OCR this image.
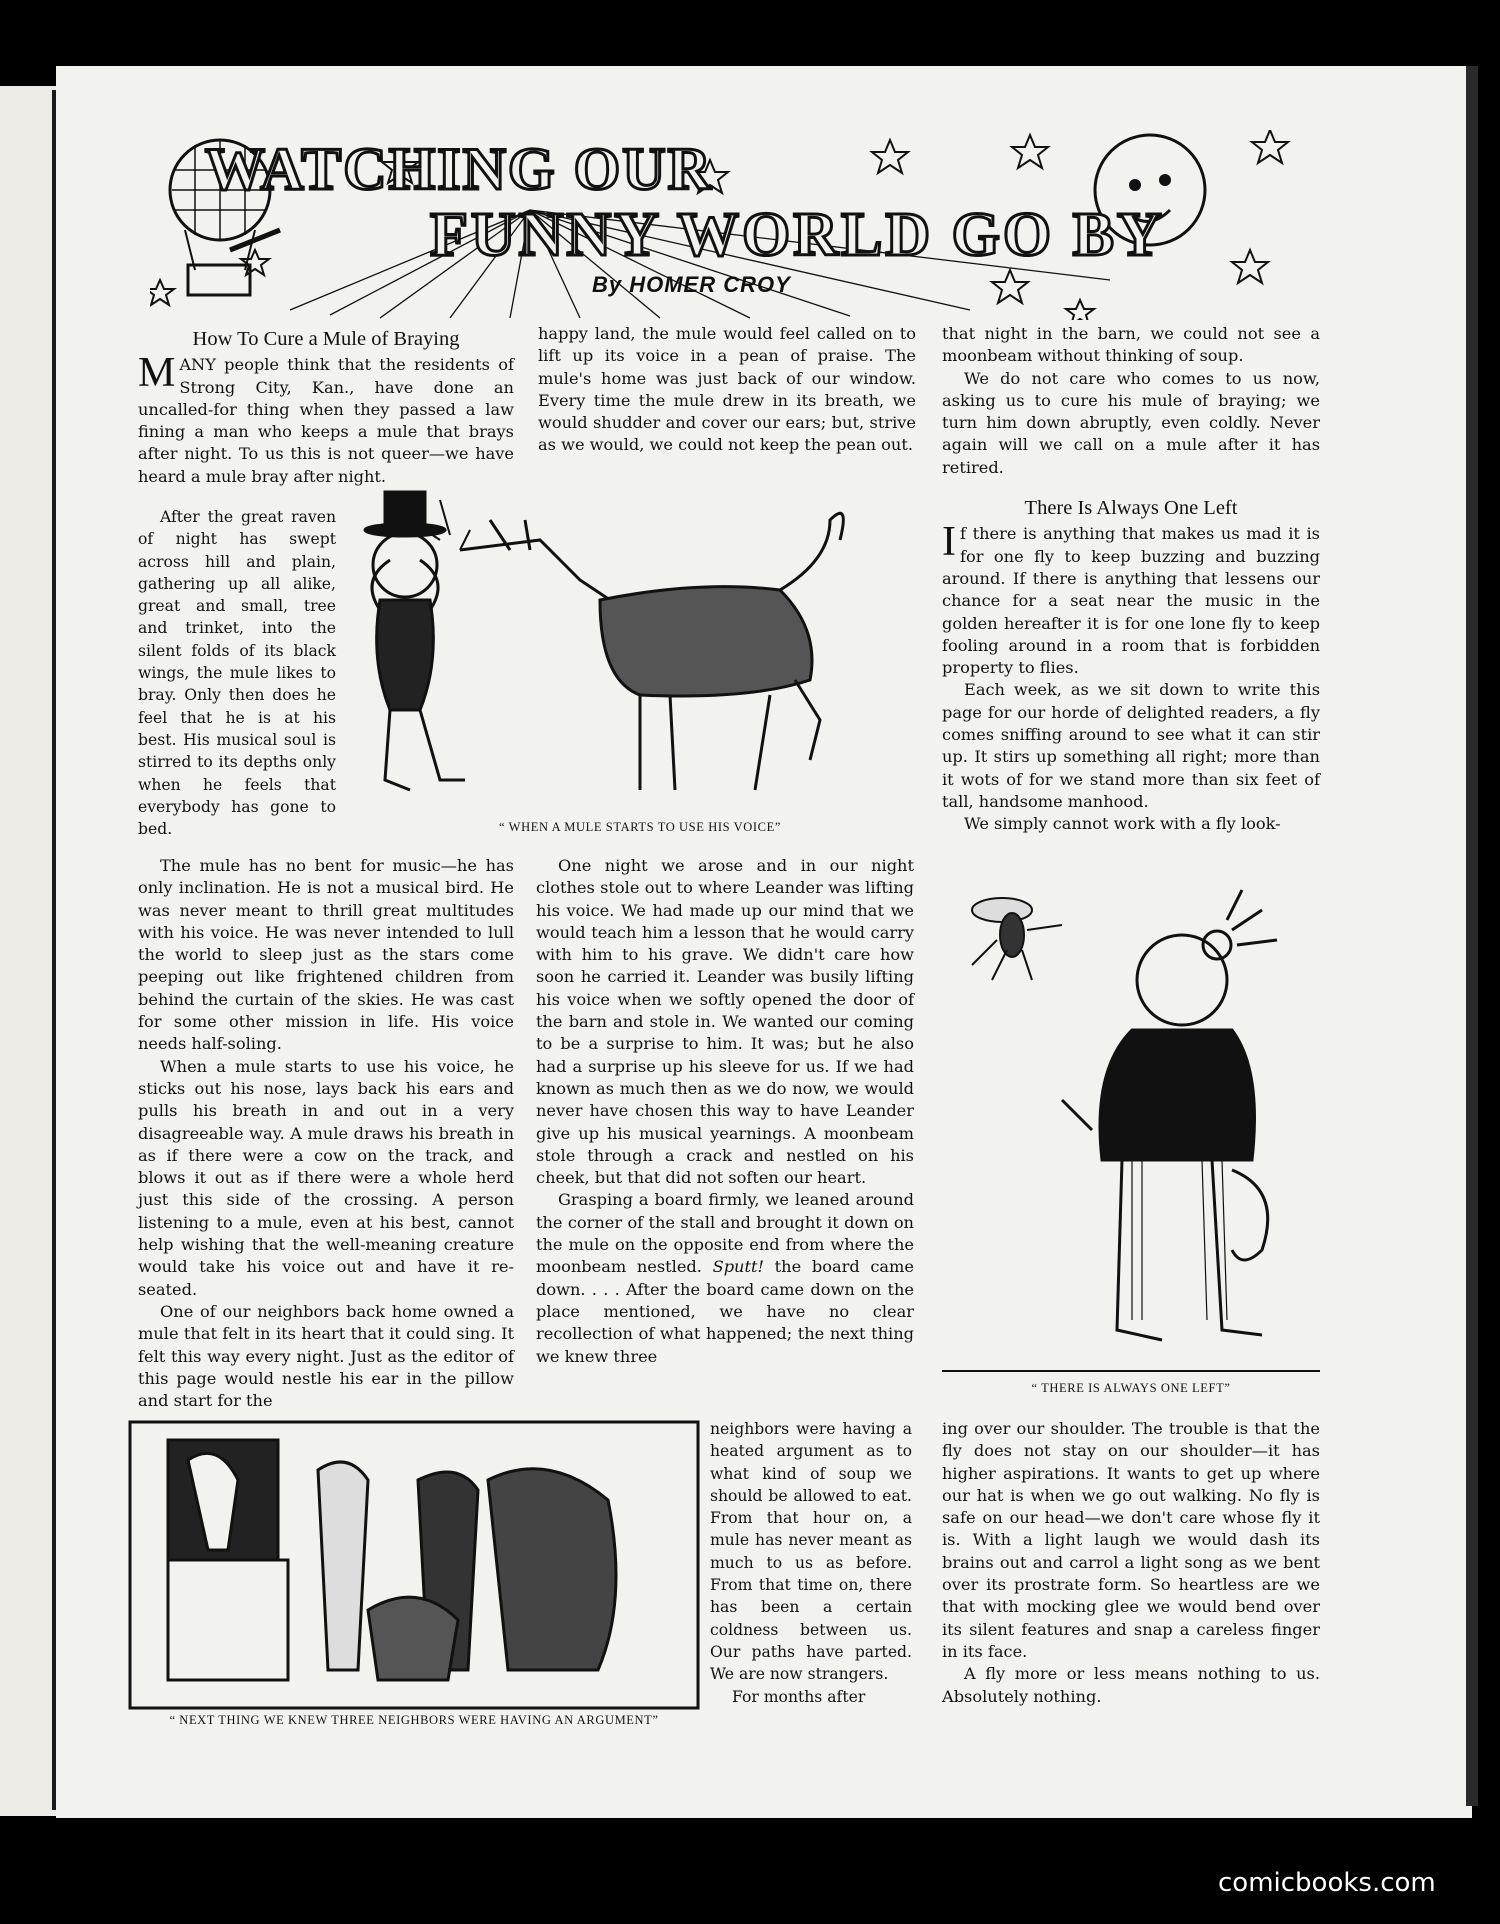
WATCHING OUR
FUNNY WORLD GO BY
By HOMER CROY
How To Cure a Mule of Braying

MANY people think that the residents of Strong City, Kan., have done an uncalled-for thing when they passed a law fining a man who keeps a mule that brays after night. To us this is not queer—we have heard a mule bray after night.

After the great raven of night has swept across hill and plain, gathering up all alike, great and small, tree and trinket, into the silent folds of its black wings, the mule likes to bray. Only then does he feel that he is at his best. His musical soul is stirred to its depths only when he feels that everybody has gone to bed.

happy land, the mule would feel called on to lift up its voice in a pean of praise. The mule's home was just back of our window. Every time the mule drew in its breath, we would shudder and cover our ears; but, strive as we would, we could not keep the pean out.

that night in the barn, we could not see a moonbeam without thinking of soup.

We do not care who comes to us now, asking us to cure his mule of braying; we turn him down abruptly, even coldly. Never again will we call on a mule after it has retired.

There Is Always One Left

If there is anything that makes us mad it is for one fly to keep buzzing and buzzing around. If there is anything that lessens our chance for a seat near the music in the golden hereafter it is for one lone fly to keep fooling around in a room that is forbidden property to flies.

Each week, as we sit down to write this page for our horde of delighted readers, a fly comes sniffing around to see what it can stir up. It stirs up something all right; more than it wots of for we stand more than six feet of tall, handsome manhood.

We simply cannot work with a fly look-

“ WHEN A MULE STARTS TO USE HIS VOICE”

The mule has no bent for music—he has only inclination. He is not a musical bird. He was never meant to thrill great multitudes with his voice. He was never intended to lull the world to sleep just as the stars come peeping out like frightened children from behind the curtain of the skies. He was cast for some other mission in life. His voice needs half-soling.

When a mule starts to use his voice, he sticks out his nose, lays back his ears and pulls his breath in and out in a very disagreeable way. A mule draws his breath in as if there were a cow on the track, and blows it out as if there were a whole herd just this side of the crossing. A person listening to a mule, even at his best, cannot help wishing that the well-meaning creature would take his voice out and have it re-seated.

One of our neighbors back home owned a mule that felt in its heart that it could sing. It felt this way every night. Just as the editor of this page would nestle his ear in the pillow and start for the

One night we arose and in our night clothes stole out to where Leander was lifting his voice. We had made up our mind that we would teach him a lesson that he would carry with him to his grave. We didn't care how soon he carried it. Leander was busily lifting his voice when we softly opened the door of the barn and stole in. We wanted our coming to be a surprise to him. It was; but he also had a surprise up his sleeve for us. If we had known as much then as we do now, we would never have chosen this way to have Leander give up his musical yearnings. A moonbeam stole through a crack and nestled on his cheek, but that did not soften our heart.

Grasping a board firmly, we leaned around the corner of the stall and brought it down on the mule on the opposite end from where the moonbeam nestled. Sputt! the board came down. . . . After the board came down on the place mentioned, we have no clear recollection of what happened; the next thing we knew three

neighbors were having a heated argument as to what kind of soup we should be allowed to eat. From that hour on, a mule has never meant as much to us as before. From that time on, there has been a certain coldness between us. Our paths have parted. We are now strangers.

For months after

“ NEXT THING WE KNEW THREE NEIGHBORS WERE HAVING AN ARGUMENT”
“ THERE IS ALWAYS ONE LEFT”

ing over our shoulder. The trouble is that the fly does not stay on our shoulder—it has higher aspirations. It wants to get up where our hat is when we go out walking. No fly is safe on our head—we don't care whose fly it is. With a light laugh we would dash its brains out and carrol a light song as we bent over its prostrate form. So heartless are we that with mocking glee we would bend over its silent features and snap a careless finger in its face.

A fly more or less means nothing to us. Absolutely nothing.

comicbooks.com
